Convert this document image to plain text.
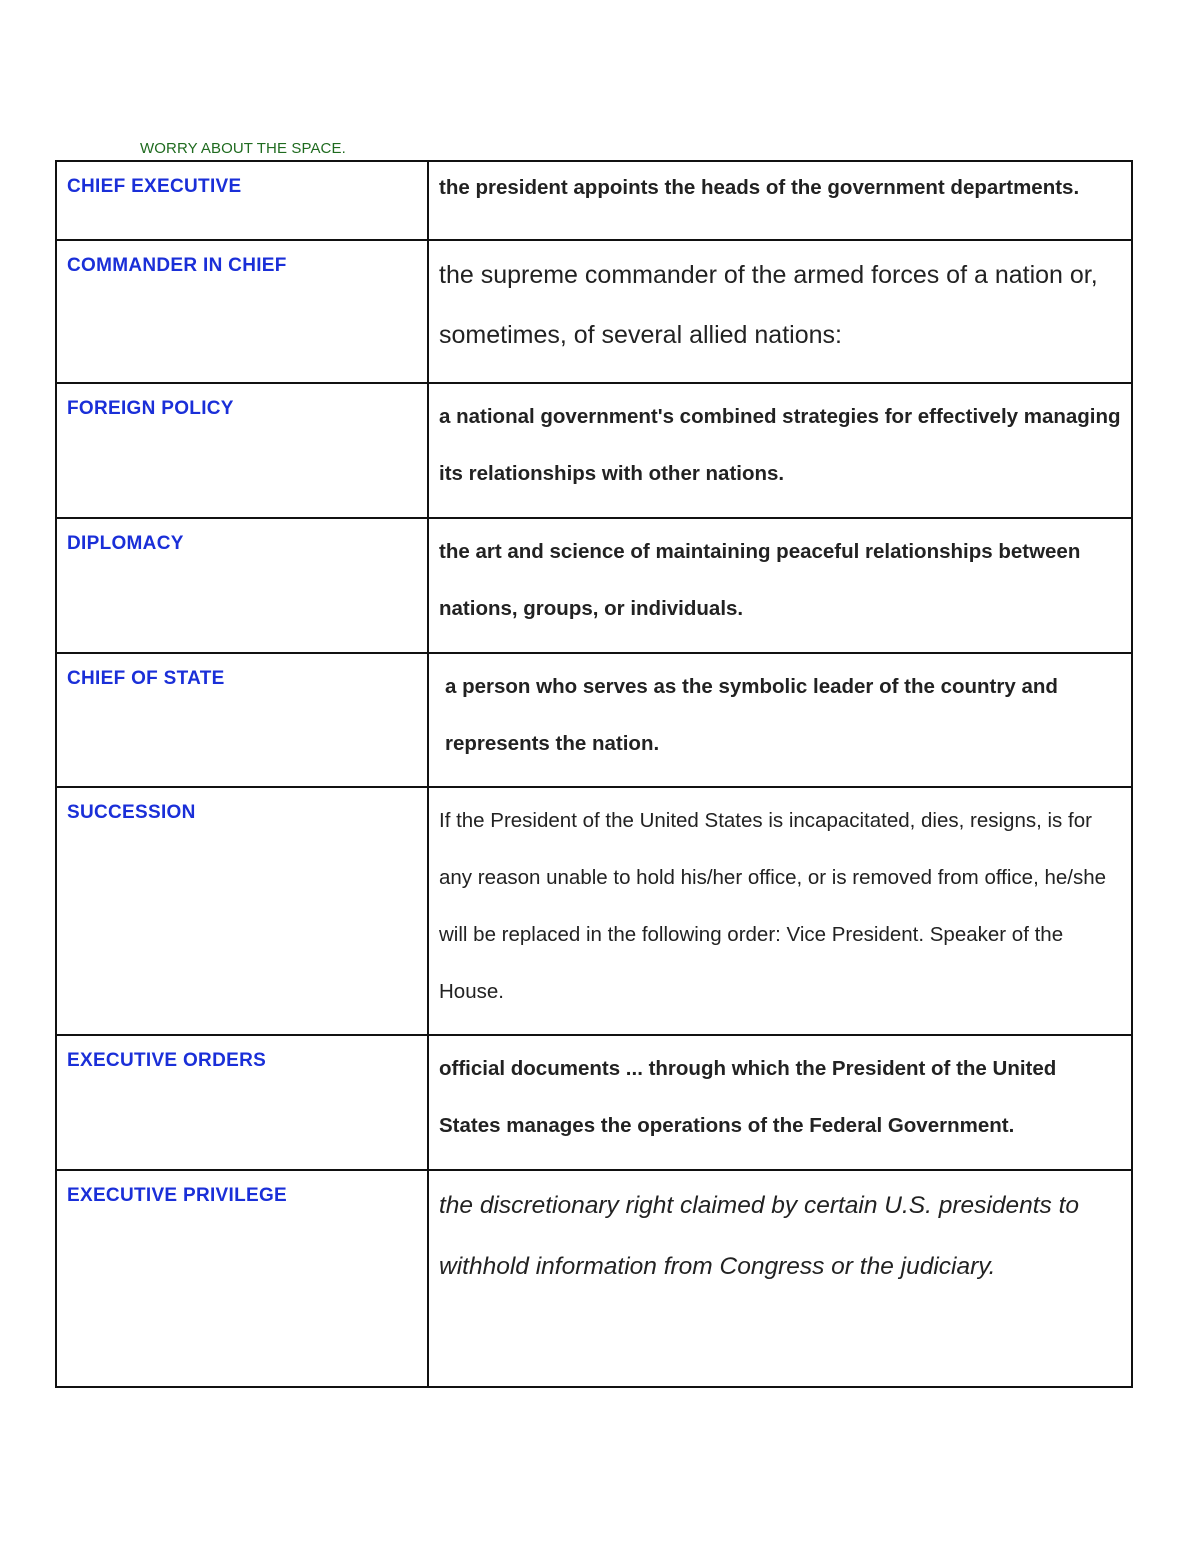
WORRY ABOUT THE SPACE.
CHIEF EXECUTIVE	the president appoints the heads of the government departments.

COMMANDER IN CHIEF	the supreme commander of the armed forces of a nation or, sometimes, of several allied nations:

FOREIGN POLICY	a national government's combined strategies for effectively managing its relationships with other nations.

DIPLOMACY	the art and science of maintaining peaceful relationships between nations, groups, or individuals.

CHIEF OF STATE	a person who serves as the symbolic leader of the country and represents the nation.

SUCCESSION	If the President of the United States is incapacitated, dies, resigns, is for any reason unable to hold his/her office, or is removed from office, he/she will be replaced in the following order: Vice President. Speaker of the House.

EXECUTIVE ORDERS	official documents ... through which the President of the United States manages the operations of the Federal Government.

EXECUTIVE PRIVILEGE	the discretionary right claimed by certain U.S. presidents to withhold information from Congress or the judiciary.
